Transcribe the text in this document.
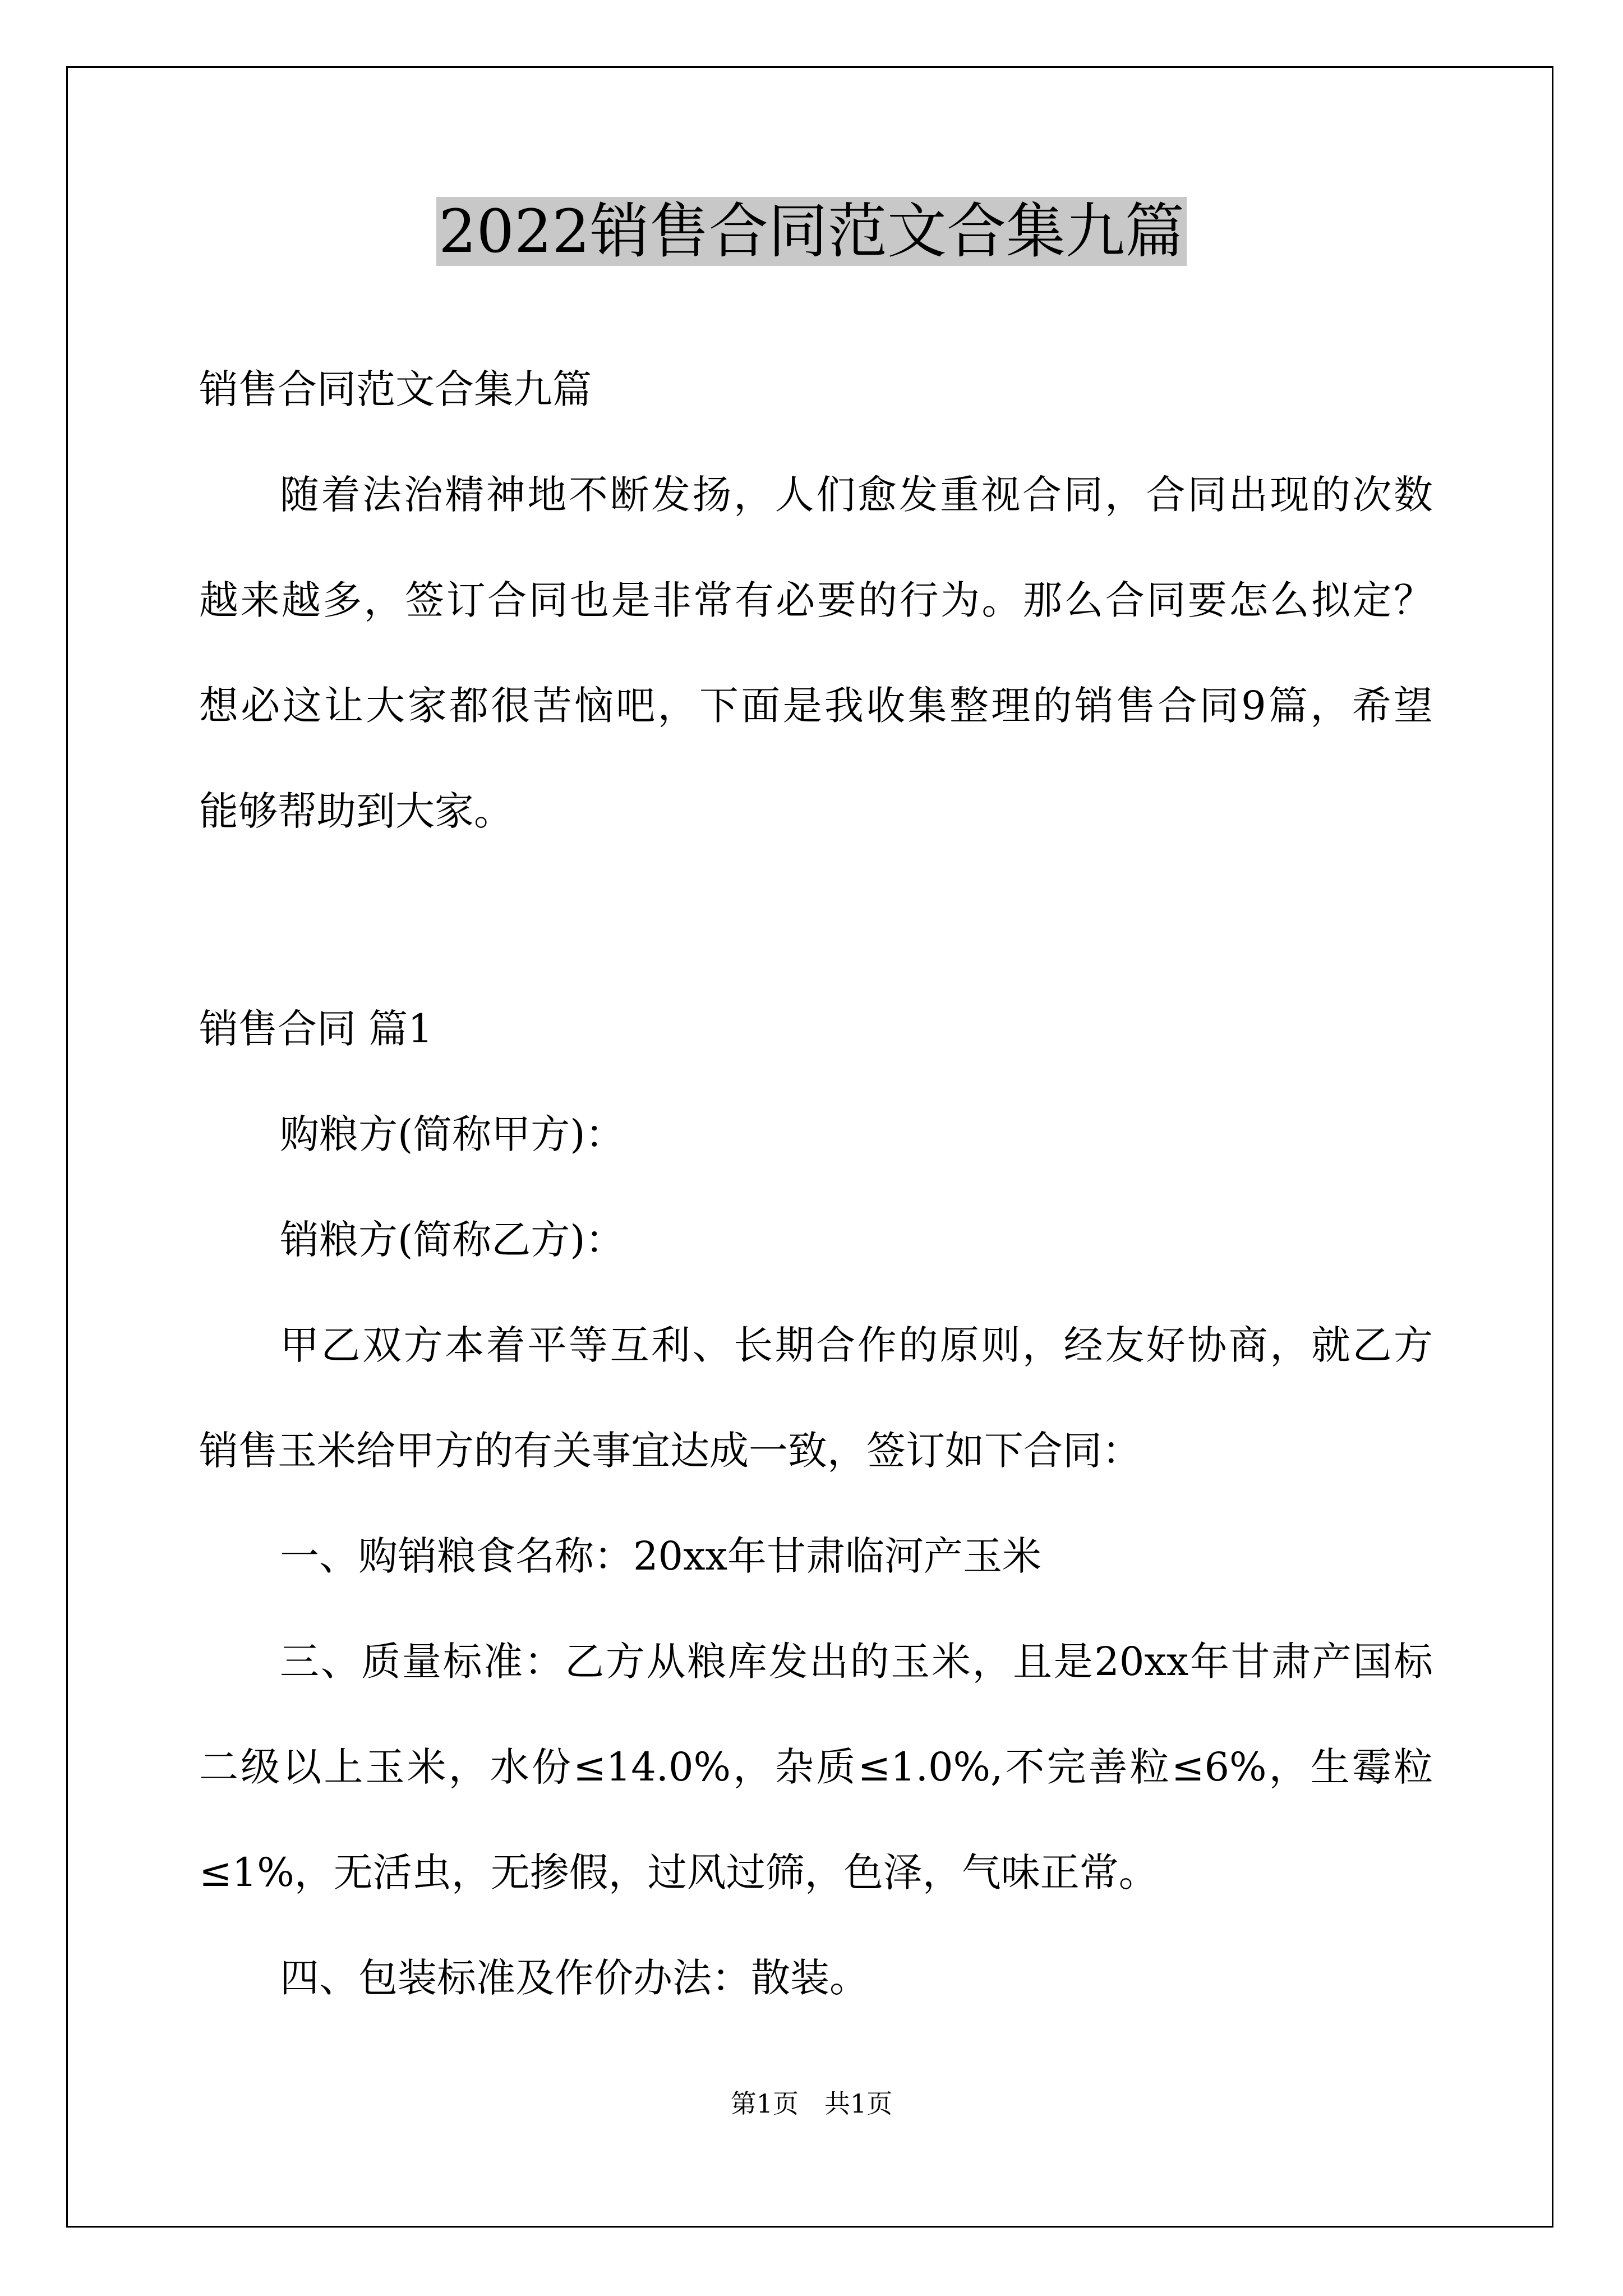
2022销售合同范文合集九篇
销售合同范文合集九篇
随着法治精神地不断发扬，人们愈发重视合同，合同出现的次数
越来越多，签订合同也是非常有必要的行为。那么合同要怎么拟定？
想必这让大家都很苦恼吧，下面是我收集整理的销售合同9篇，希望
能够帮助到大家。
销售合同 篇1
购粮方(简称甲方)：
销粮方(简称乙方)：
甲乙双方本着平等互利、长期合作的原则，经友好协商，就乙方
销售玉米给甲方的有关事宜达成一致，签订如下合同：
一、购销粮食名称：20xx年甘肃临河产玉米
三、质量标准：乙方从粮库发出的玉米，且是20xx年甘肃产国标
二级以上玉米，水份≤14.0%，杂质≤1.0%,不完善粒≤6%，生霉粒
≤1%，无活虫，无掺假，过风过筛，色泽，气味正常。
四、包装标准及作价办法：散装。
第1页　共1页
